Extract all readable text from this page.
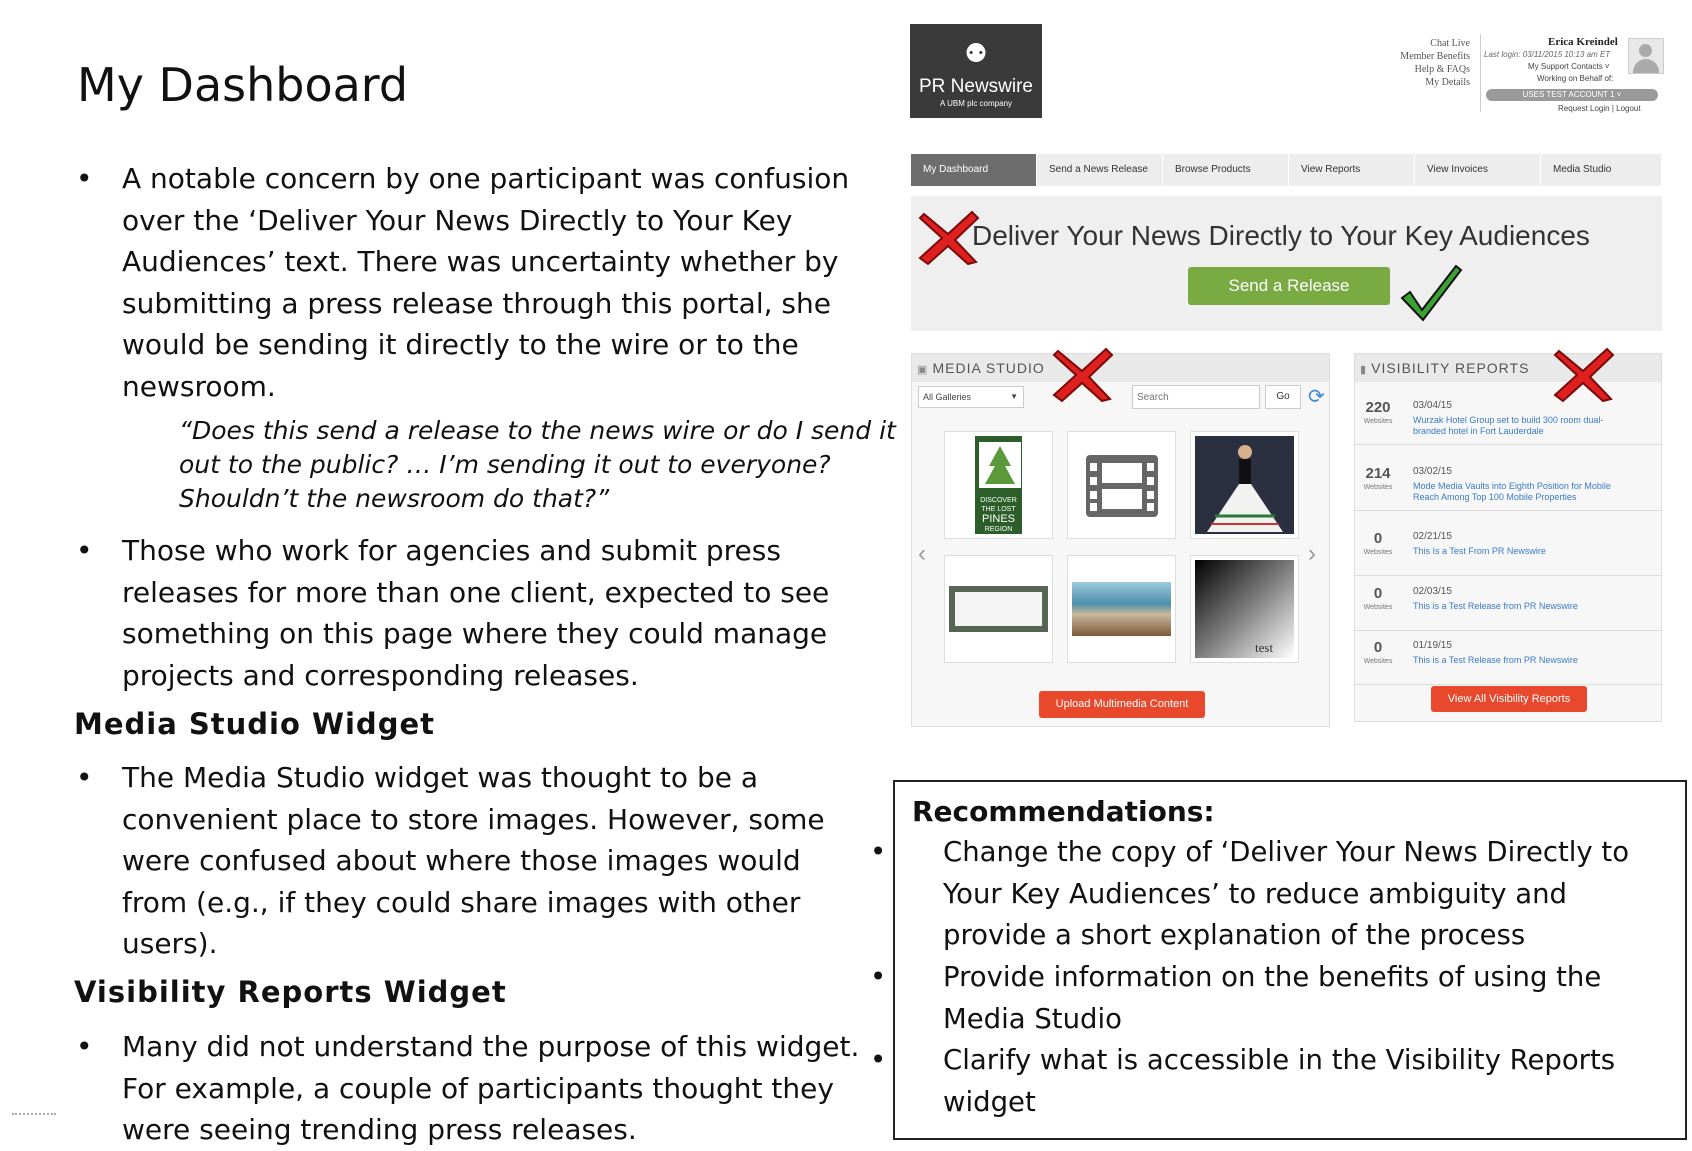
My Dashboard
• A notable concern by one participant was confusion
over the ‘Deliver Your News Directly to Your Key
Audiences’ text. There was uncertainty whether by
submitting a press release through this portal, she
would be sending it directly to the wire or to the
newsroom.
“Does this send a release to the news wire or do I send it
out to the public? … I’m sending it out to everyone?
Shouldn’t the newsroom do that?”
• Those who work for agencies and submit press
releases for more than one client, expected to see
something on this page where they could manage
projects and corresponding releases.
Media Studio Widget
• The Media Studio widget was thought to be a
convenient place to store images. However, some
were confused about where those images would
from (e.g., if they could share images with other
users).
Visibility Reports Widget
• Many did not understand the purpose of this widget.
For example, a couple of participants thought they
were seeing trending press releases.
⚉
PR Newswire
A UBM plc company
Chat Live
Member Benefits
Help & FAQs
My Details
Erica Kreindel
Last login: 03/11/2015 10:13 am ET
My Support Contacts ˅
Working on Behalf of:
USES TEST ACCOUNT 1 ˅
Request Login | Logout
My Dashboard	Send a News Release	Browse Products	View Reports	View Invoices	Media Studio
Deliver Your News Directly to Your Key Audiences
Send a Release
▣ MEDIA STUDIO
All Galleries	▼
Search	Go ⟳
‹	›
DISCOVER
THE LOST
PINES
REGION
test
Upload Multimedia Content
▮ VISIBILITY REPORTS
220
Websites
03/04/15
Wurzak Hotel Group set to build 300 room dual-
branded hotel in Fort Lauderdale
214
Websites
03/02/15
Mode Media Vaults into Eighth Position for Mobile
Reach Among Top 100 Mobile Properties
0
Websites
02/21/15
This Is a Test From PR Newswire
0
Websites
02/03/15
This is a Test Release from PR Newswire
0
Websites
01/19/15
This is a Test Release from PR Newswire
View All Visibility Reports
Recommendations:
• Change the copy of ‘Deliver Your News Directly to
Your Key Audiences’ to reduce ambiguity and
provide a short explanation of the process
• Provide information on the benefits of using the
Media Studio
• Clarify what is accessible in the Visibility Reports
widget
